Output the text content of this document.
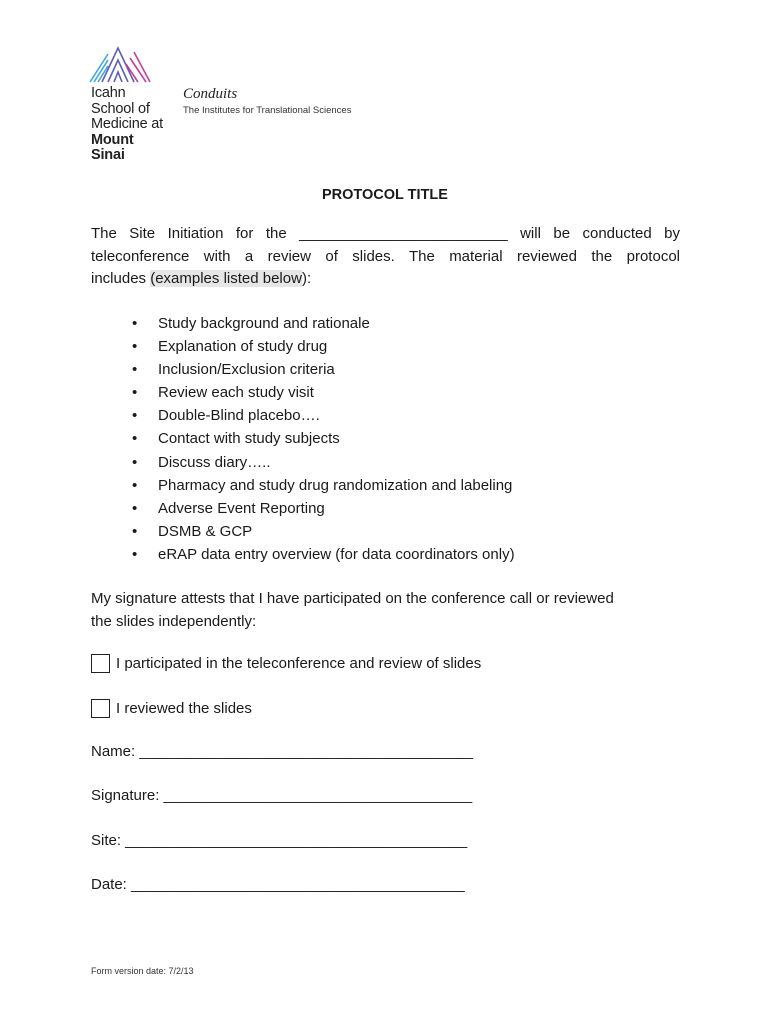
Icahn
School of
Medicine at
Mount
Sinai
Conduits
The Institutes for Translational Sciences
PROTOCOL TITLE
The Site Initiation for the _________________________ will be conducted by
teleconference with a review of slides. The material reviewed the protocol
includes (examples listed below):
• Study background and rationale
• Explanation of study drug
• Inclusion/Exclusion criteria
• Review each study visit
• Double-Blind placebo….
• Contact with study subjects
• Discuss diary…..
• Pharmacy and study drug randomization and labeling
• Adverse Event Reporting
• DSMB & GCP
• eRAP data entry overview (for data coordinators only)
My signature attests that I have participated on the conference call or reviewed
the slides independently:
I participated in the teleconference and review of slides
I reviewed the slides
Name: ________________________________________
Signature: _____________________________________
Site: _________________________________________
Date: ________________________________________
Form version date: 7/2/13
